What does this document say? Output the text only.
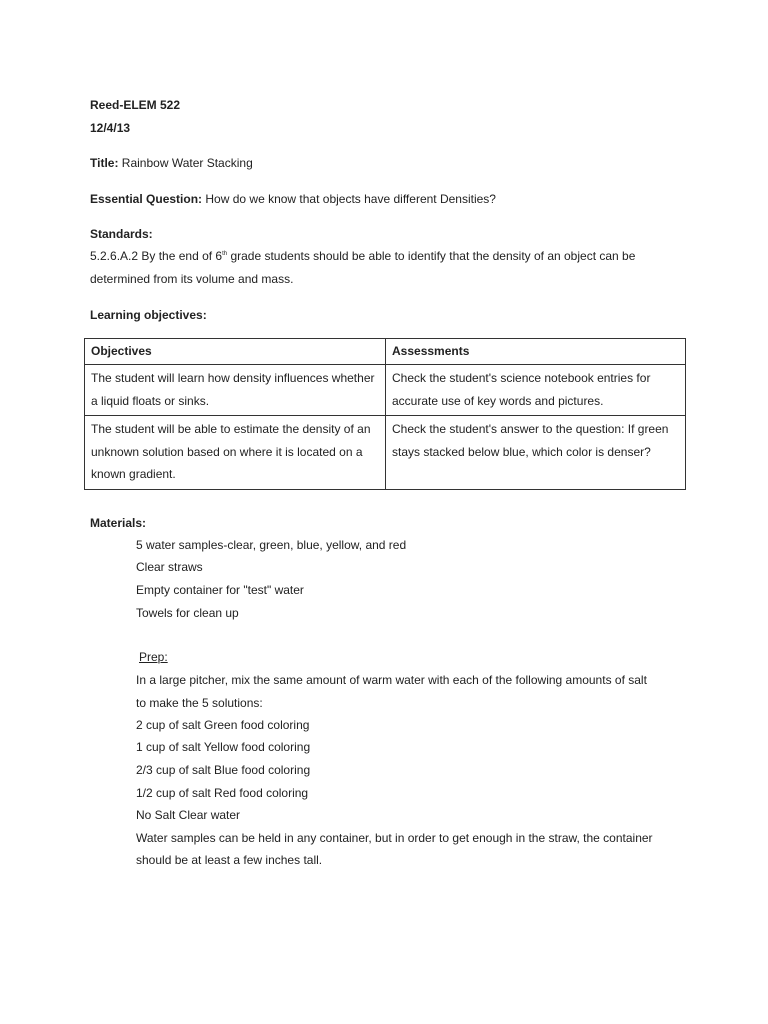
Reed-ELEM 522
12/4/13
Title: Rainbow Water Stacking
Essential Question: How do we know that objects have different Densities?
Standards:
5.2.6.A.2 By the end of 6th grade students should be able to identify that the density of an object can be
determined from its volume and mass.
Learning objectives:
Objectives	Assessments
The student will learn how density influences whether a liquid floats or sinks.	Check the student's science notebook entries for accurate use of key words and pictures.
The student will be able to estimate the density of an unknown solution based on where it is located on a known gradient.	Check the student's answer to the question: If green stays stacked below blue, which color is denser?
Materials:
5 water samples-clear, green, blue, yellow, and red
Clear straws
Empty container for "test" water
Towels for clean up
Prep:
In a large pitcher, mix the same amount of warm water with each of the following amounts of salt
to make the 5 solutions:
2 cup of salt Green food coloring
1 cup of salt Yellow food coloring
2/3 cup of salt Blue food coloring
1/2 cup of salt Red food coloring
No Salt Clear water
Water samples can be held in any container, but in order to get enough in the straw, the container
should be at least a few inches tall.
